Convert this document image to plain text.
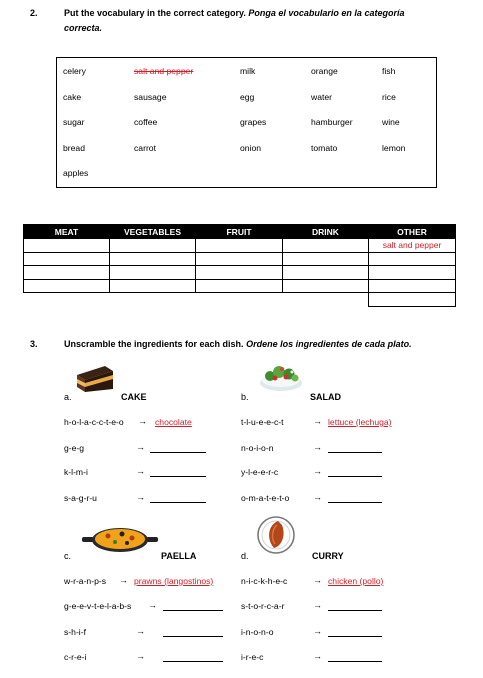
2.	Put the vocabulary in the correct category. Ponga el vocabulario en la categoría
correcta.
celery	salt and pepper	milk	orange	fish
cake	sausage	egg	water	rice
sugar	coffee	grapes	hamburger	wine
bread	carrot	onion	tomato	lemon
apples
MEAT	VEGETABLES	FRUIT	DRINK	OTHER
				salt and pepper

3.	Unscramble the ingredients for each dish. Ordene los ingredientes de cada plato.
a.	CAKE	b.	SALAD
c.	PAELLA	d.	CURRY
h-o-l-a-c-c-t-e-o → chocolate
g-e-g	→
k-l-m-i	→
s-a-g-r-u	→
t-l-u-e-e-c-t	→ lettuce (lechuga)
n-o-i-o-n	→
y-l-e-e-r-c	→
o-m-a-t-e-t-o	→
w-r-a-n-p-s → prawns (langostinos)
g-e-e-v-t-e-l-a-b-s →
s-h-i-f	→
c-r-e-i	→
n-i-c-k-h-e-c	→ chicken (pollo)
s-t-o-r-c-a-r	→
i-n-o-n-o	→
i-r-e-c	→
